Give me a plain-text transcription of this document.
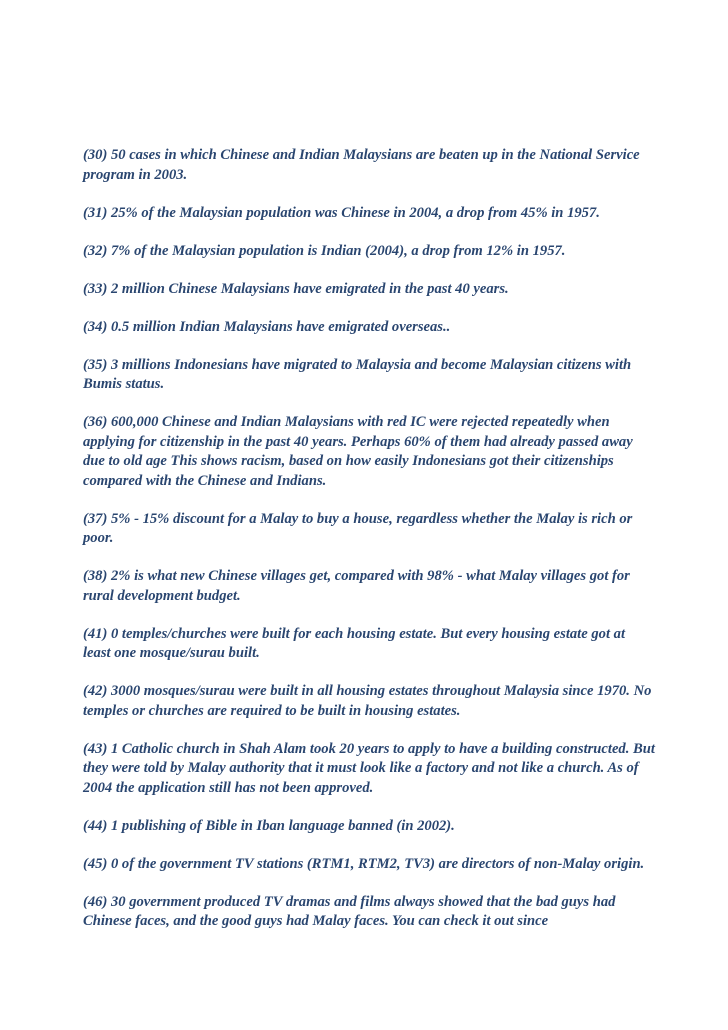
(30) 50 cases in which Chinese and Indian Malaysians are beaten up in the National Service program in 2003.

(31) 25% of the Malaysian population was Chinese in 2004, a drop from 45% in 1957.

(32) 7% of the Malaysian population is Indian (2004), a drop from 12% in 1957.

(33) 2 million Chinese Malaysians have emigrated in the past 40 years.

(34) 0.5 million Indian Malaysians have emigrated overseas..

(35) 3 millions Indonesians have migrated to Malaysia and become Malaysian citizens with Bumis status.

(36) 600,000 Chinese and Indian Malaysians with red IC were rejected repeatedly when applying for citizenship in the past 40 years. Perhaps 60% of them had already passed away due to old age This shows racism, based on how easily Indonesians got their citizenships compared with the Chinese and Indians.

(37) 5% - 15% discount for a Malay to buy a house, regardless whether the Malay is rich or poor.

(38) 2% is what new Chinese villages get, compared with 98% - what Malay villages got for rural development budget.

(41) 0 temples/churches were built for each housing estate. But every housing estate got at least one mosque/surau built.

(42) 3000 mosques/surau were built in all housing estates throughout Malaysia since 1970. No temples or churches are required to be built in housing estates.

(43) 1 Catholic church in Shah Alam took 20 years to apply to have a building constructed. But they were told by Malay authority that it must look like a factory and not like a church. As of 2004 the application still has not been approved.

(44) 1 publishing of Bible in Iban language banned (in 2002).

(45) 0 of the government TV stations (RTM1, RTM2, TV3) are directors of non-Malay origin.

(46) 30 government produced TV dramas and films always showed that the bad guys had Chinese faces, and the good guys had Malay faces. You can check it out since
